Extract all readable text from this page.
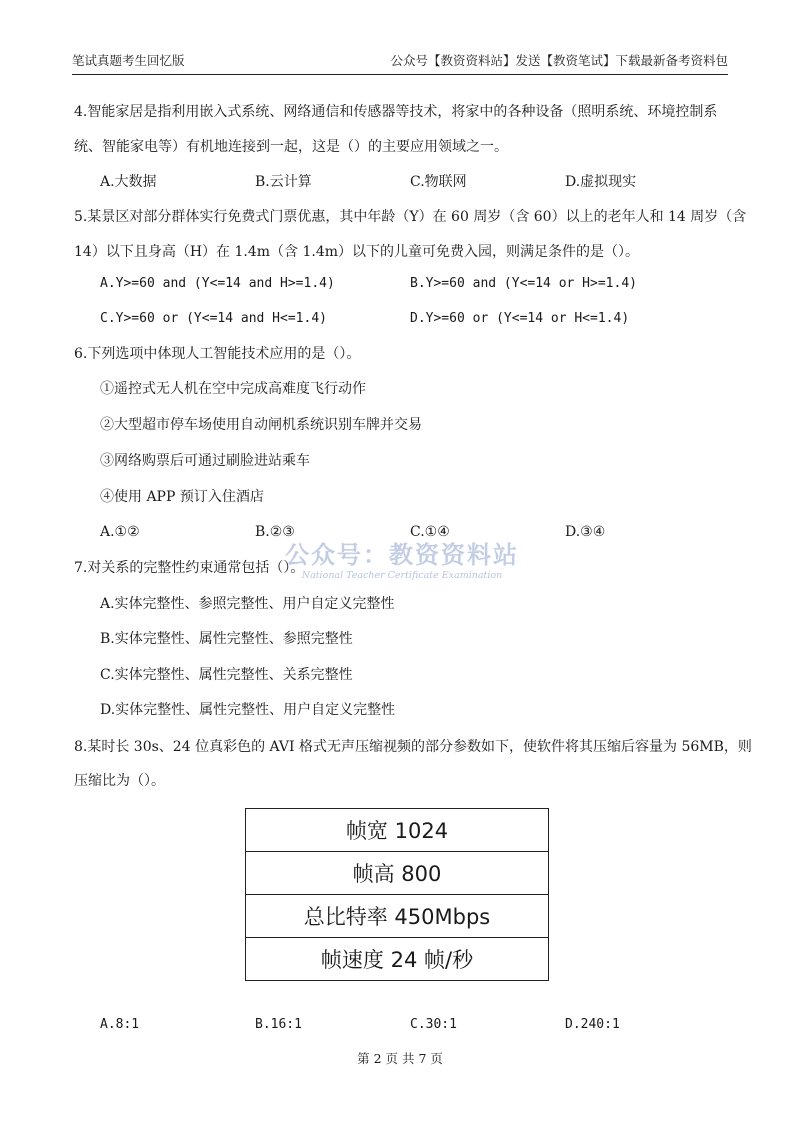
笔试真题考生回忆版	公众号【教资资料站】发送【教资笔试】下载最新备考资料包
4.智能家居是指利用嵌入式系统、网络通信和传感器等技术，将家中的各种设备（照明系统、环境控制系
统、智能家电等）有机地连接到一起，这是（）的主要应用领域之一。
A.大数据	B.云计算	C.物联网	D.虚拟现实
5.某景区对部分群体实行免费式门票优惠，其中年龄（Y）在 60 周岁（含 60）以上的老年人和 14 周岁（含
14）以下且身高（H）在 1.4m（含 1.4m）以下的儿童可免费入园，则满足条件的是（）。
A.Y>=60 and (Y<=14 and H>=1.4)	B.Y>=60 and (Y<=14 or H>=1.4)
C.Y>=60 or (Y<=14 and H<=1.4)	D.Y>=60 or (Y<=14 or H<=1.4)
6.下列选项中体现人工智能技术应用的是（）。
①遥控式无人机在空中完成高难度飞行动作
②大型超市停车场使用自动闸机系统识别车牌并交易
③网络购票后可通过刷脸进站乘车
④使用 APP 预订入住酒店
A.①②	B.②③	C.①④	D.③④
7.对关系的完整性约束通常包括（）。
A.实体完整性、参照完整性、用户自定义完整性
B.实体完整性、属性完整性、参照完整性
C.实体完整性、属性完整性、关系完整性
D.实体完整性、属性完整性、用户自定义完整性
公众号：教资资料站
National Teacher Certificate Examination
8.某时长 30s、24 位真彩色的 AVI 格式无声压缩视频的部分参数如下，使软件将其压缩后容量为 56MB，则
压缩比为（）。
帧宽 1024
帧高 800
总比特率 450Mbps
帧速度 24 帧/秒
A.8:1	B.16:1	C.30:1	D.240:1
第 2 页 共 7 页
